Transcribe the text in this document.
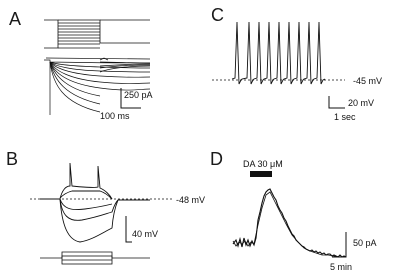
A	C
B	D
250 pA
100 ms
-45 mV
20 mV
1 sec
-48 mV
40 mV
DA 30 μM
50 pA
5 min
